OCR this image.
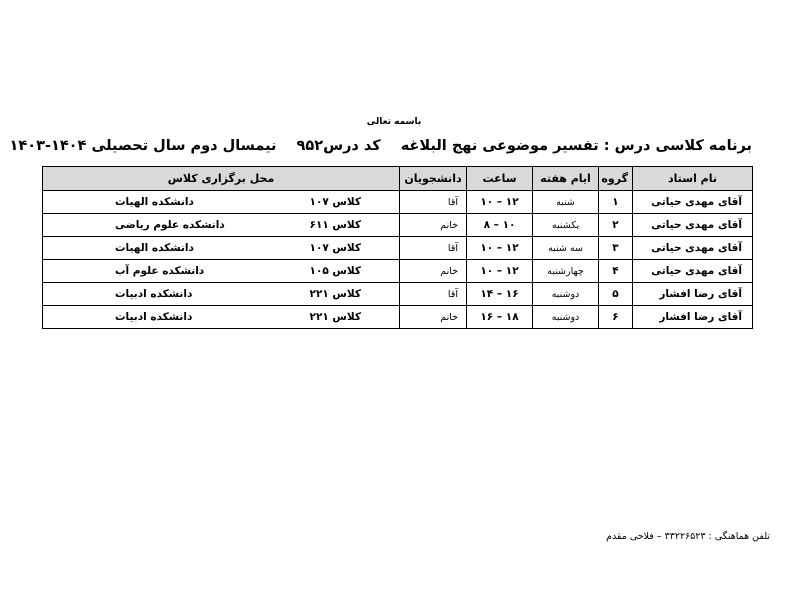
باسمه تعالی
برنامه کلاسی درس : تفسیر موضوعی نهج البلاغهکد درس۹۵۲نیمسال دوم سال تحصیلی ۱۴۰۴-۱۴۰۳
نام استاد	گروه	ایام هفته	ساعت	دانشجویان	محل برگزاری کلاس
آقای مهدی حیاتی	۱	شنبه	۱۲ – ۱۰	آقا	کلاس ۱۰۷
دانشکده الهیات

آقای مهدی حیاتی	۲	یکشنبه	۱۰ – ۸	خانم	کلاس ۶۱۱
دانشکده علوم ریاضی

آقای مهدی حیاتی	۳	سه شنبه	۱۲ – ۱۰	آقا	کلاس ۱۰۷
دانشکده الهیات

آقای مهدی حیاتی	۴	چهارشنبه	۱۲ – ۱۰	خانم	کلاس ۱۰۵
دانشکده علوم آب

آقای رضا افشار	۵	دوشنبه	۱۶ – ۱۴	آقا	کلاس ۲۲۱
دانشکده ادبیات

آقای رضا افشار	۶	دوشنبه	۱۸ – ۱۶	خانم	کلاس ۲۲۱
دانشکده ادبیات
تلفن هماهنگی : ۳۳۲۲۶۵۲۳ – فلاحی مقدم
